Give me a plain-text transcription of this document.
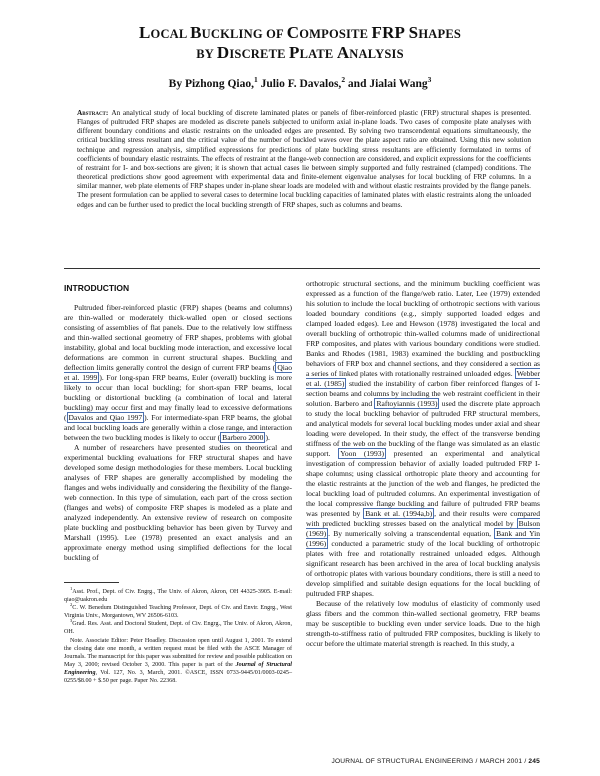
LOCAL BUCKLING OF COMPOSITE FRP SHAPES
BY DISCRETE PLATE ANALYSIS
By Pizhong Qiao,$^1$ Julio F. Davalos,$^2$ and Jialai Wang$^3$
Abstract: An analytical study of local buckling of discrete laminated plates or panels of fiber-reinforced plastic (FRP) structural shapes is presented. Flanges of pultruded FRP shapes are modeled as discrete panels subjected to uniform axial in-plane loads. Two cases of composite plate analyses with different boundary conditions and elastic restraints on the unloaded edges are presented. By solving two transcendental equations simultaneously, the critical buckling stress resultant and the critical value of the number of buckled waves over the plate aspect ratio are obtained. Using this new solution technique and regression analysis, simplified expressions for predictions of plate buckling stress resultants are efficiently formulated in terms of coefficients of boundary elastic restraints. The effects of restraint at the flange-web connection are considered, and explicit expressions for the coefficients of restraint for I- and box-sections are given; it is shown that actual cases lie between simply supported and fully restrained (clamped) conditions. The theoretical predictions show good agreement with experimental data and finite-element eigenvalue analyses for local buckling of FRP columns. In a similar manner, web plate elements of FRP shapes under in-plane shear loads are modeled with and without elastic restraints provided by the flange panels. The present formulation can be applied to several cases to determine local buckling capacities of laminated plates with elastic restraints along the unloaded edges and can be further used to predict the local buckling strength of FRP shapes, such as columns and beams.

INTRODUCTION

Pultruded fiber-reinforced plastic (FRP) shapes (beams and columns) are thin-walled or moderately thick-walled open or closed sections consisting of assemblies of flat panels. Due to the relatively low stiffness and thin-walled sectional geometry of FRP shapes, problems with global instability, global and local buckling mode interaction, and excessive local deformations are common in current structural shapes. Buckling and deflection limits generally control the design of current FRP beams ( Qiao et al. 1999 ). For long-span FRP beams, Euler (overall) buckling is more likely to occur than local buckling; for short-span FRP beams, local buckling or distortional buckling (a combination of local and lateral buckling) may occur first and may finally lead to excessive deformations ( Davalos and Qiao 1997 ). For intermediate-span FRP beams, the global and local buckling loads are generally within a close range, and interaction between the two buckling modes is likely to occur ( Barbero 2000 ).

A number of researchers have presented studies on theoretical and experimental buckling evaluations for FRP structural shapes and have developed some design methodologies for these members. Local buckling analyses of FRP shapes are generally accomplished by modeling the flanges and webs individually and considering the flexibility of the flange-web connection. In this type of simulation, each part of the cross section (flanges and webs) of composite FRP shapes is modeled as a plate and analyzed independently. An extensive review of research on composite plate buckling and postbuckling behavior has been given by Turvey and Marshall (1995). Lee (1978) presented an exact analysis and an approximate energy method using simplified deflections for the local buckling of

$^1$Asst. Prof., Dept. of Civ. Engrg., The Univ. of Akron, Akron, OH 44325-3905. E-mail: qiao@uakron.edu

$^2$C. W. Benedum Distinguished Teaching Professor, Dept. of Civ. and Envir. Engrg., West Virginia Univ., Morgantown, WV 26506-6103.

$^3$Grad. Res. Asst. and Doctoral Student, Dept. of Civ. Engrg., The Univ. of Akron, Akron, OH.

Note. Associate Editor: Peter Hoadley. Discussion open until August 1, 2001. To extend the closing date one month, a written request must be filed with the ASCE Manager of Journals. The manuscript for this paper was submitted for review and possible publication on May 3, 2000; revised October 3, 2000. This paper is part of the Journal of Structural Engineering, Vol. 127, No. 3, March, 2001. ©ASCE, ISSN 0733-9445/01/0003-0245–0255/$8.00 + $.50 per page. Paper No. 22368.

orthotropic structural sections, and the minimum buckling coefficient was expressed as a function of the flange/web ratio. Later, Lee (1979) extended his solution to include the local buckling of orthotropic sections with various loaded boundary conditions (e.g., simply supported loaded edges and clamped loaded edges). Lee and Hewson (1978) investigated the local and overall buckling of orthotropic thin-walled columns made of unidirectional FRP composites, and plates with various boundary conditions were studied. Banks and Rhodes (1981, 1983) examined the buckling and postbuckling behaviors of FRP box and channel sections, and they considered a section as a series of linked plates with rotationally restrained unloaded edges. Webber et al. (1985) studied the instability of carbon fiber reinforced flanges of I-section beams and columns by including the web restraint coefficient in their solution. Barbero and Raftoyiannis (1993) used the discrete plate approach to study the local buckling behavior of pultruded FRP structural members, and analytical models for several local buckling modes under axial and shear loading were developed. In their study, the effect of the transverse bending stiffness of the web on the buckling of the flange was simulated as an elastic support. Yoon (1993) presented an experimental and analytical investigation of compression behavior of axially loaded pultruded FRP I-shape columns; using classical orthotropic plate theory and accounting for the elastic restraints at the junction of the web and flanges, he predicted the local buckling load of pultruded columns. An experimental investigation of the local compressive flange buckling and failure of pultruded FRP beams was presented by Bank et al. (1994a,b) , and their results were compared with predicted buckling stresses based on the analytical model by Bulson (1969) . By numerically solving a transcendental equation, Bank and Yin (1996) conducted a parametric study of the local buckling of orthotropic plates with free and rotationally restrained unloaded edges. Although significant research has been archived in the area of local buckling analysis of orthotropic plates with various boundary conditions, there is still a need to develop simplified and suitable design equations for the local buckling of pultruded FRP shapes.

Because of the relatively low modulus of elasticity of commonly used glass fibers and the common thin-walled sectional geometry, FRP beams may be susceptible to buckling even under service loads. Due to the high strength-to-stiffness ratio of pultruded FRP composites, buckling is likely to occur before the ultimate material strength is reached. In this study, a

JOURNAL OF STRUCTURAL ENGINEERING / MARCH 2001 / 245
